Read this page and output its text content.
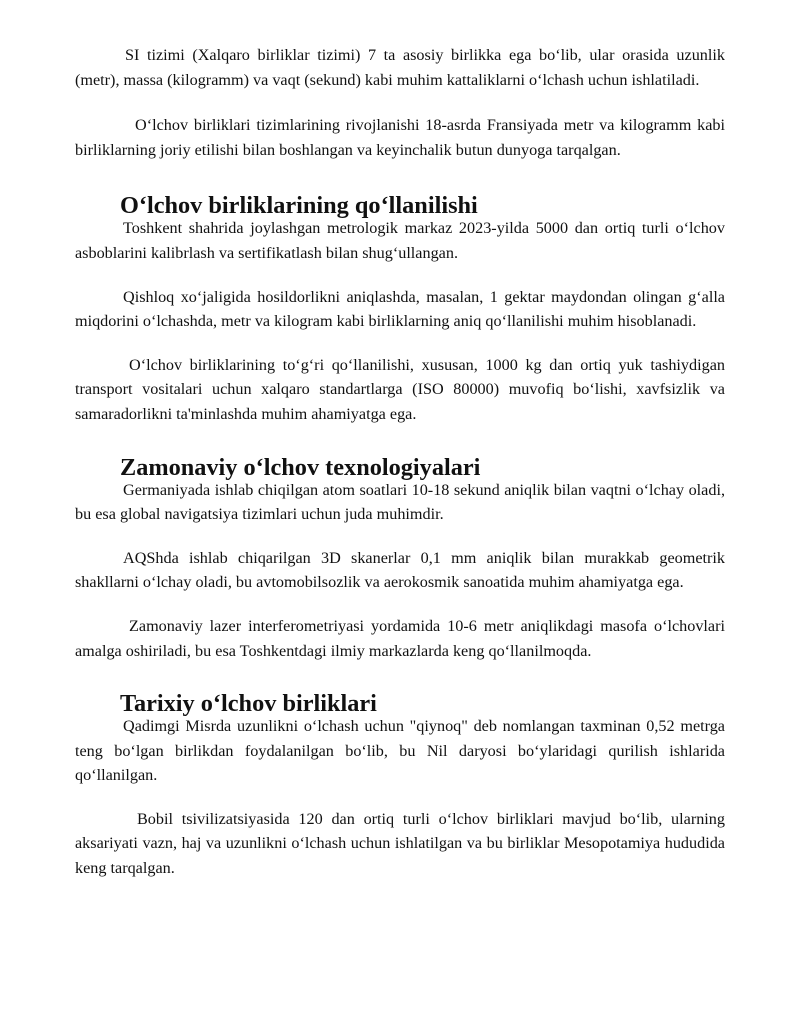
SI tizimi (Xalqaro birliklar tizimi) 7 ta asosiy birlikka ega bo‘lib, ular orasida uzunlik (metr), massa (kilogramm) va vaqt (sekund) kabi muhim kattaliklarni o‘lchash uchun ishlatiladi.

O‘lchov birliklari tizimlarining rivojlanishi 18-asrda Fransiyada metr va kilogramm kabi birliklarning joriy etilishi bilan boshlangan va keyinchalik butun dunyoga tarqalgan.

O‘lchov birliklarining qo‘llanilishi

Toshkent shahrida joylashgan metrologik markaz 2023-yilda 5000 dan ortiq turli o‘lchov asboblarini kalibrlash va sertifikatlash bilan shug‘ullangan.

Qishloq xo‘jaligida hosildorlikni aniqlashda, masalan, 1 gektar maydondan olingan g‘alla miqdorini o‘lchashda, metr va kilogram kabi birliklarning aniq qo‘llanilishi muhim hisoblanadi.

O‘lchov birliklarining to‘g‘ri qo‘llanilishi, xususan, 1000 kg dan ortiq yuk tashiydigan transport vositalari uchun xalqaro standartlarga (ISO 80000) muvofiq bo‘lishi, xavfsizlik va samaradorlikni ta'minlashda muhim ahamiyatga ega.

Zamonaviy o‘lchov texnologiyalari

Germaniyada ishlab chiqilgan atom soatlari 10-18 sekund aniqlik bilan vaqtni o‘lchay oladi, bu esa global navigatsiya tizimlari uchun juda muhimdir.

AQShda ishlab chiqarilgan 3D skanerlar 0,1 mm aniqlik bilan murakkab geometrik shakllarni o‘lchay oladi, bu avtomobilsozlik va aerokosmik sanoatida muhim ahamiyatga ega.

Zamonaviy lazer interferometriyasi yordamida 10-6 metr aniqlikdagi masofa o‘lchovlari amalga oshiriladi, bu esa Toshkentdagi ilmiy markazlarda keng qo‘llanilmoqda.

Tarixiy o‘lchov birliklari

Qadimgi Misrda uzunlikni o‘lchash uchun "qiynoq" deb nomlangan taxminan 0,52 metrga teng bo‘lgan birlikdan foydalanilgan bo‘lib, bu Nil daryosi bo‘ylaridagi qurilish ishlarida qo‘llanilgan.

Bobil tsivilizatsiyasida 120 dan ortiq turli o‘lchov birliklari mavjud bo‘lib, ularning aksariyati vazn, haj va uzunlikni o‘lchash uchun ishlatilgan va bu birliklar Mesopotamiya hududida keng tarqalgan.
